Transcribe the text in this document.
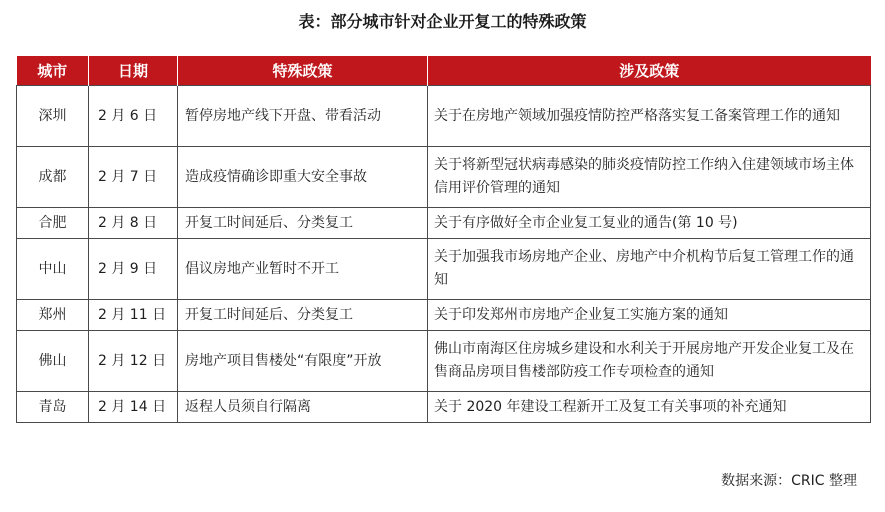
表：部分城市针对企业开复工的特殊政策
城市	日期	特殊政策	涉及政策
深圳	2 月 6 日	暂停房地产线下开盘、带看活动	关于在房地产领域加强疫情防控严格落实复工备案管理工作的通知
成都	2 月 7 日	造成疫情确诊即重大安全事故	关于将新型冠状病毒感染的肺炎疫情防控工作纳入住建领域市场主体信用评价管理的通知
合肥	2 月 8 日	开复工时间延后、分类复工	关于有序做好全市企业复工复业的通告(第 10 号)
中山	2 月 9 日	倡议房地产业暂时不开工	关于加强我市场房地产企业、房地产中介机构节后复工管理工作的通知
郑州	2 月 11 日	开复工时间延后、分类复工	关于印发郑州市房地产企业复工实施方案的通知
佛山	2 月 12 日	房地产项目售楼处“有限度”开放	佛山市南海区住房城乡建设和水利关于开展房地产开发企业复工及在售商品房项目售楼部防疫工作专项检查的通知
青岛	2 月 14 日	返程人员须自行隔离	关于 2020 年建设工程新开工及复工有关事项的补充通知
数据来源：CRIC 整理
